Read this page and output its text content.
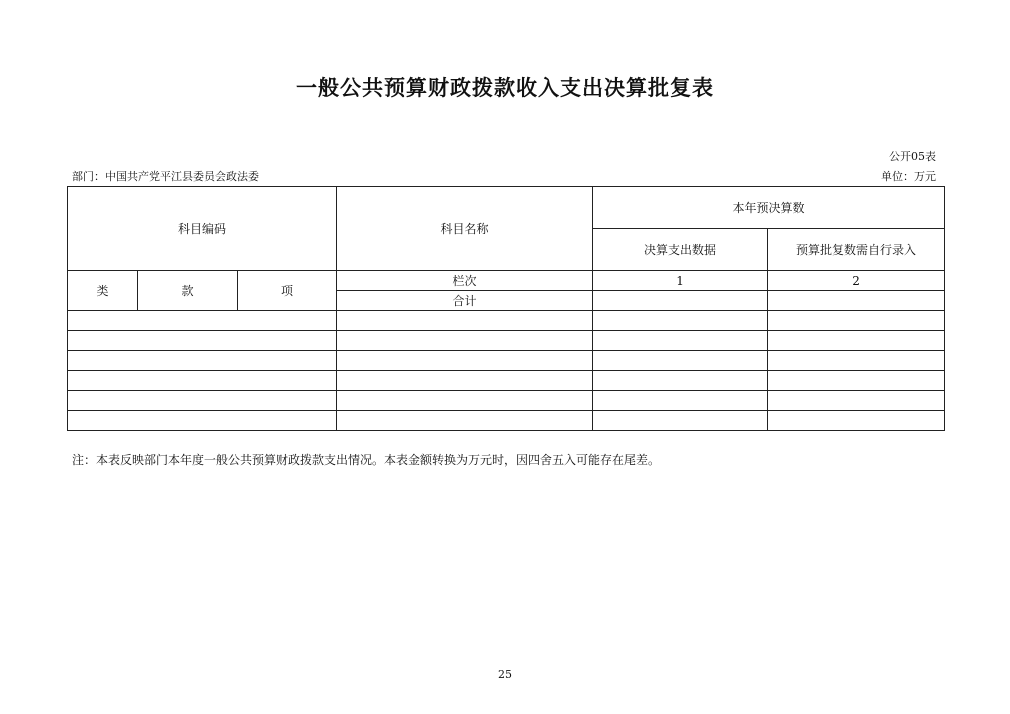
一般公共预算财政拨款收入支出决算批复表
公开05表
部门：中国共产党平江县委员会政法委	单位：万元
科目编码			科目名称	本年预决算数	
				决算支出数据	预算批复数需自行录入
类	款	项	栏次	1	2
			合计		

注：本表反映部门本年度一般公共预算财政拨款支出情况。本表金额转换为万元时，因四舍五入可能存在尾差。
25
